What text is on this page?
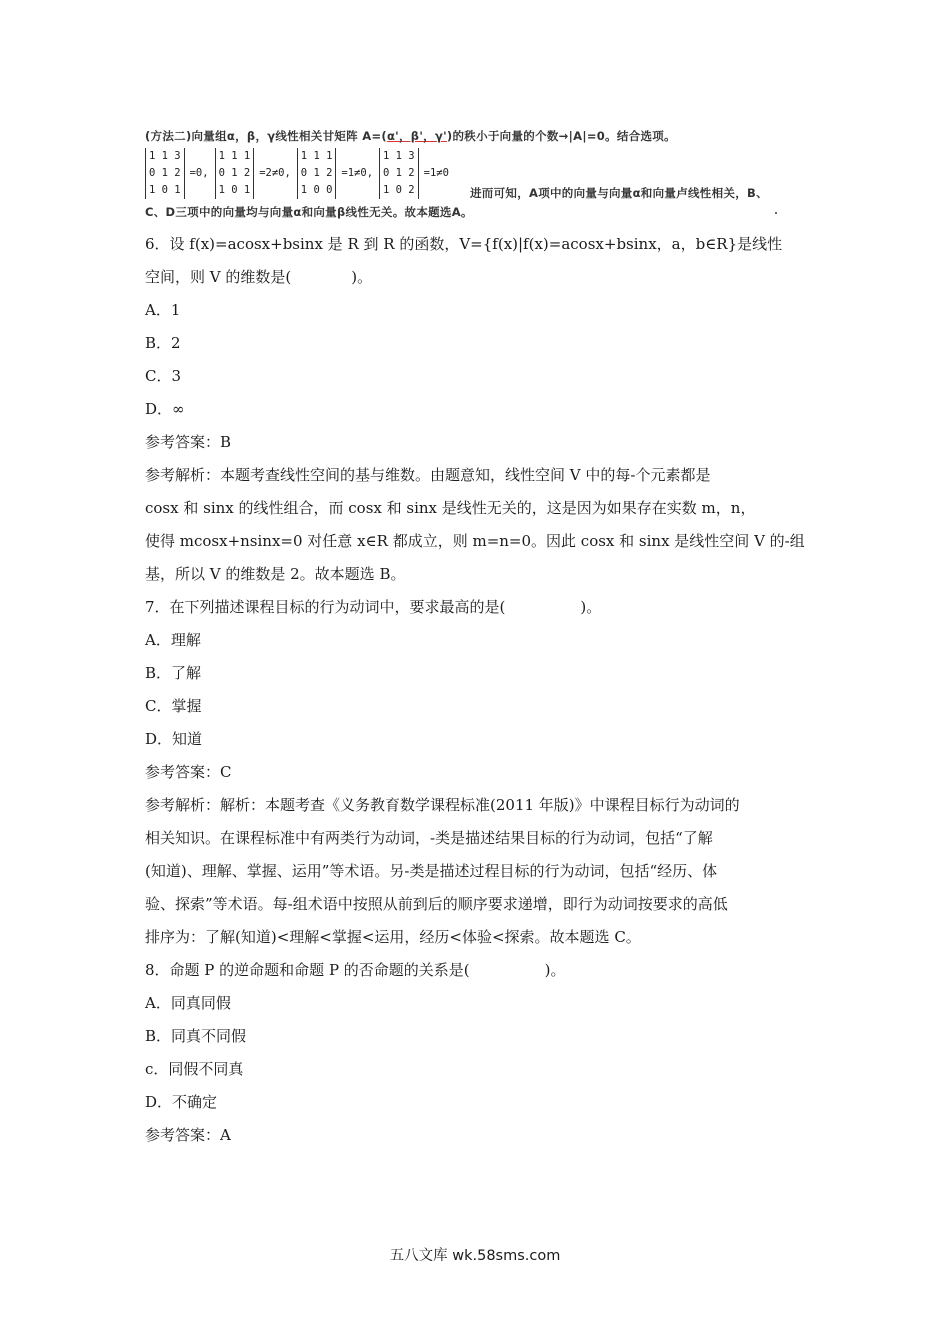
(方法二)向量组α，β，γ线性相关甘矩阵 A=(α'，β'，γ')的秩小于向量的个数→|A|=0。结合选项。
1 1 3
0 1 2
1 0 1
=0,
1 1 1
0 1 2
1 0 1
=2≠0,
1 1 1
0 1 2
1 0 0
=1≠0,
1 1 3
0 1 2
1 0 2
=1≠0
进而可知，A项中的向量与向量α和向量卢线性相关，B、
C、D三项中的向量均与向量α和向量β线性无关。故本题选A。

6．设 f(x)=acosx+bsinx 是 R 到 R 的函数，V={f(x)|f(x)=acosx+bsinx，a，b∈R}是线性

空间，则 V 的维数是(　　　　)。

A．1

B．2

C．3

D．∞

参考答案：B

参考解析：本题考查线性空间的基与维数。由题意知，线性空间 V 中的每-个元素都是

cosx 和 sinx 的线性组合，而 cosx 和 sinx 是线性无关的，这是因为如果存在实数 m，n，

使得 mcosx+nsinx=0 对任意 x∈R 都成立，则 m=n=0。因此 cosx 和 sinx 是线性空间 V 的-组

基，所以 V 的维数是 2。故本题选 B。

7．在下列描述课程目标的行为动词中，要求最高的是(　　　　　)。

A．理解

B．了解

C．掌握

D．知道

参考答案：C

参考解析：解析：本题考查《义务教育数学课程标准(2011 年版)》中课程目标行为动词的

相关知识。在课程标准中有两类行为动词，-类是描述结果目标的行为动词，包括“了解

(知道)、理解、掌握、运用”等术语。另-类是描述过程目标的行为动词，包括“经历、体

验、探索”等术语。每-组术语中按照从前到后的顺序要求递增，即行为动词按要求的高低

排序为：了解(知道)<理解<掌握<运用，经历<体验<探索。故本题选 C。

8．命题 P 的逆命题和命题 P 的否命题的关系是(　　　　　)。

A．同真同假

B．同真不同假

c．同假不同真

D．不确定

参考答案：A

五八文库 wk.58sms.com
